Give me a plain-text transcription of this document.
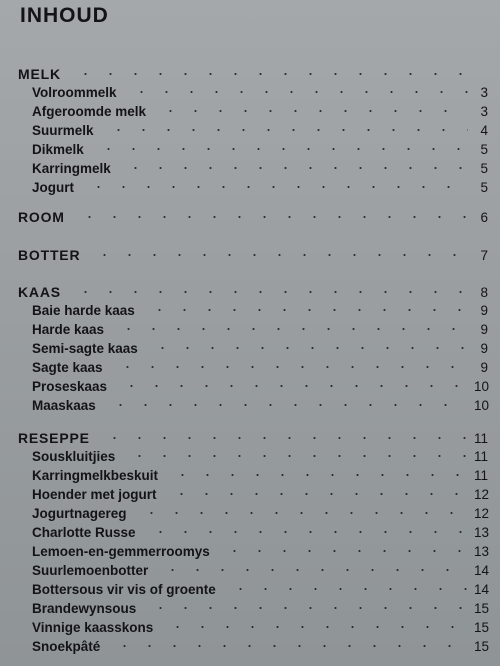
INHOUD
MELK
Volroommelk	3
Afgeroomde melk	3
Suurmelk	4
Dikmelk	5
Karringmelk	5
Jogurt	5
ROOM	6
BOTTER	7
KAAS	8
Baie harde kaas	9
Harde kaas	9
Semi-sagte kaas	9
Sagte kaas	9
Proseskaas	10
Maaskaas	10
RESEPPE	11
Souskluitjies	11
Karringmelkbeskuit	11
Hoender met jogurt	12
Jogurtnagereg	12
Charlotte Russe	13
Lemoen-en-gemmerroomys	13
Suurlemoenbotter	14
Bottersous vir vis of groente	14
Brandewynsous	15
Vinnige kaasskons	15
Snoekpâté	15
